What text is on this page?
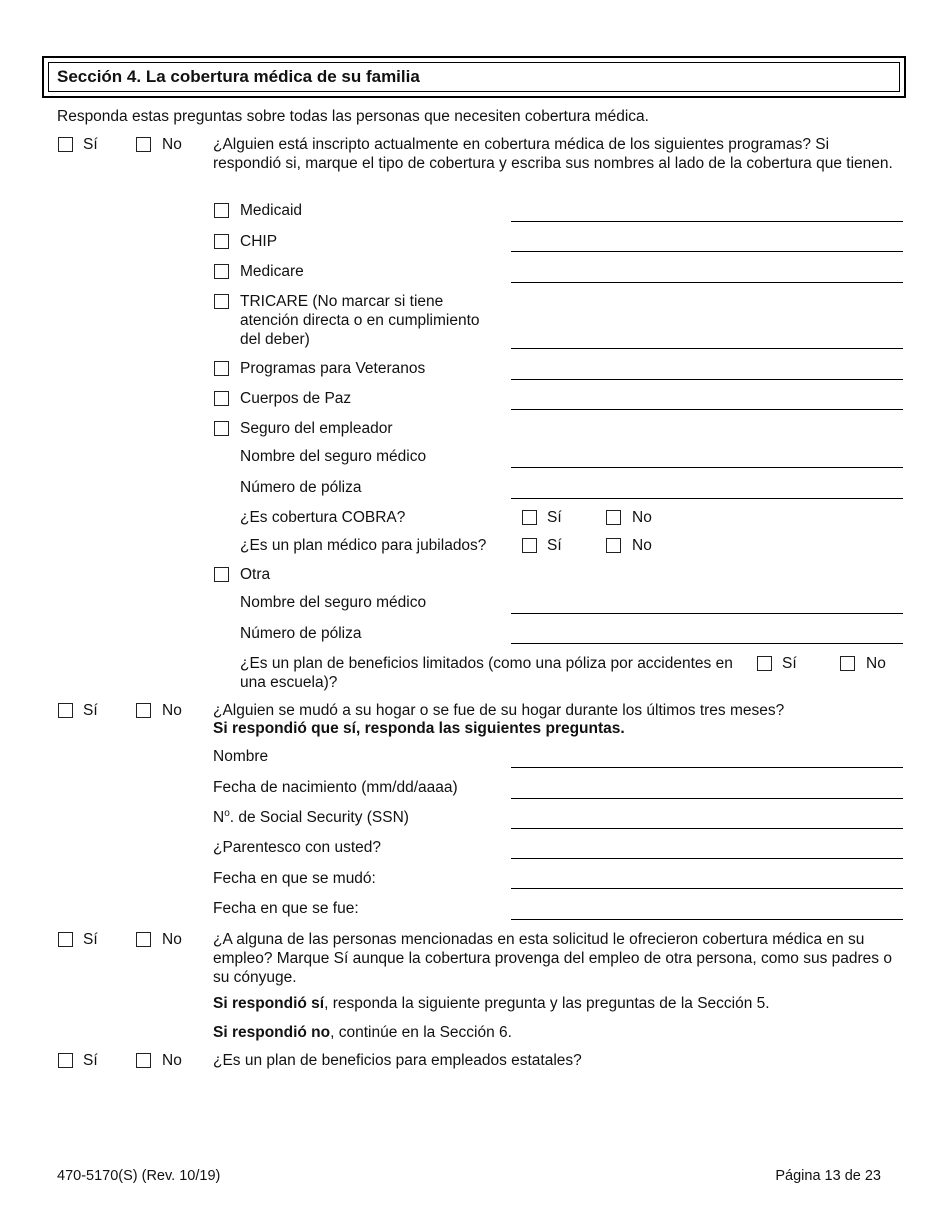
Sección 4. La cobertura médica de su familia
Responda estas preguntas sobre todas las personas que necesiten cobertura médica.
Sí	No ¿Alguien está inscripto actualmente en cobertura médica de los siguientes programas? Si respondió si, marque el tipo de cobertura y escriba sus nombres al lado de la cobertura que tienen.
Medicaid
CHIP
Medicare
TRICARE (No marcar si tiene atención directa o en cumplimiento del deber)
Programas para Veteranos
Cuerpos de Paz
Seguro del empleador
Nombre del seguro médico
Número de póliza
¿Es cobertura COBRA?	Sí	No
¿Es un plan médico para jubilados?	Sí	No
Otra
Nombre del seguro médico
Número de póliza
¿Es un plan de beneficios limitados (como una póliza por accidentes en una escuela)?
Sí	No
Sí	No ¿Alguien se mudó a su hogar o se fue de su hogar durante los últimos tres meses?
Si respondió que sí, responda las siguientes preguntas.
Nombre
Fecha de nacimiento (mm/dd/aaaa)
$N^o$. de Social Security (SSN)
¿Parentesco con usted?
Fecha en que se mudó:
Fecha en que se fue:
Sí	No ¿A alguna de las personas mencionadas en esta solicitud le ofrecieron cobertura médica en su empleo? Marque Sí aunque la cobertura provenga del empleo de otra persona, como sus padres o su cónyuge.
Si respondió sí, responda la siguiente pregunta y las preguntas de la Sección 5.
Si respondió no, continúe en la Sección 6.
Sí	No ¿Es un plan de beneficios para empleados estatales?
470-5170(S) (Rev. 10/19)	Página 13 de 23
